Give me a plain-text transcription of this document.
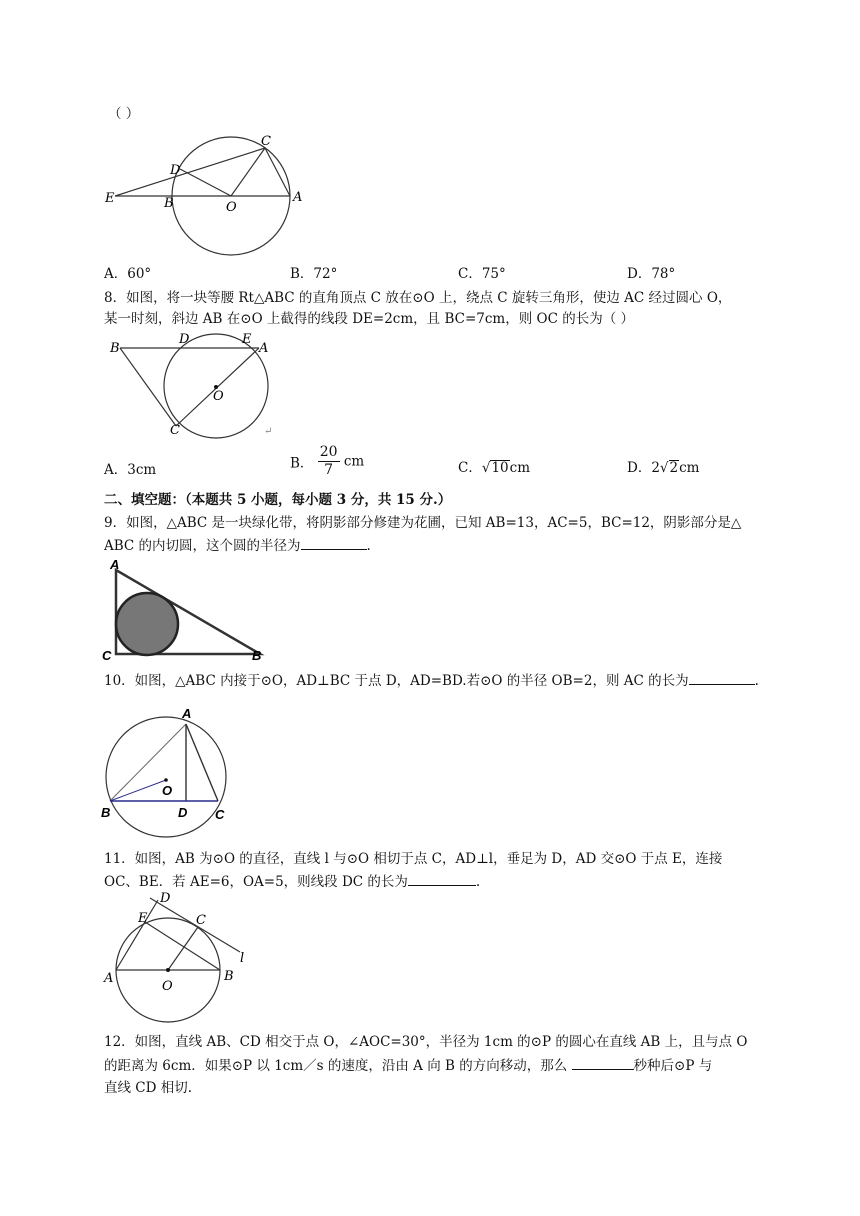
（ ）
E	B	O
A
D
C
A．60°	B．72°	C．75°	D．78°
8．如图，将一块等腰 Rt△ABC 的直角顶点 C 放在⊙O 上，绕点 C 旋转三角形，使边 AC 经过圆心 O，
某一时刻，斜边 AB 在⊙O 上截得的线段 DE=2cm，且 BC=7cm，则 OC 的长为（ ）
B
D	E
A
O
C	↵
A．3cm	B． $\frac{20}{7}$ cm	C．√10cm	D．2√2cm
二、填空题：（本题共 5 小题，每小题 3 分，共 15 分.）
9．如图，△ABC 是一块绿化带，将阴影部分修建为花圃，已知 AB=13，AC=5，BC=12，阴影部分是△
ABC 的内切圆，这个圆的半径为	.
A
C	B
10．如图，△ABC 内接于⊙O，AD⊥BC 于点 D，AD=BD.若⊙O 的半径 OB=2，则 AC 的长为	.
A
O
B	D C
11．如图，AB 为⊙O 的直径，直线 l 与⊙O 相切于点 C，AD⊥l，垂足为 D，AD 交⊙O 于点 E，连接
OC、BE．若 AE=6，OA=5，则线段 DC 的长为	.
D
E	C
l
A
O
B
12．如图，直线 AB、CD 相交于点 O，∠AOC=30°，半径为 1cm 的⊙P 的圆心在直线 AB 上，且与点 O
的距离为 6cm．如果⊙P 以 1cm／s 的速度，沿由 A 向 B 的方向移动，那么	秒种后⊙P 与
直线 CD 相切.
